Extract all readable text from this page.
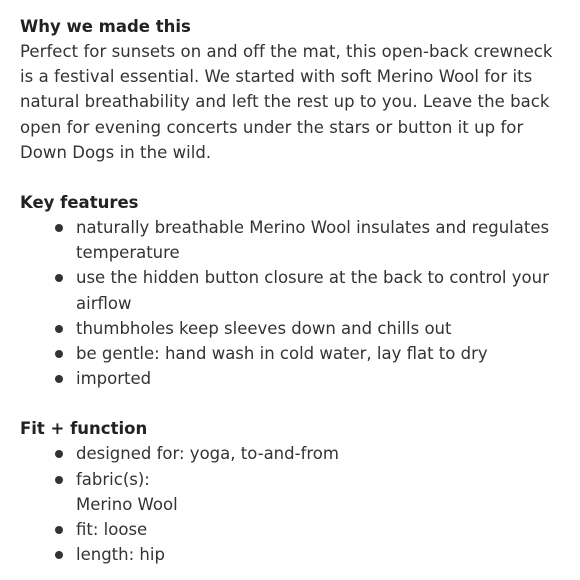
Why we made this

Perfect for sunsets on and off the mat, this open-back crewneck is a festival essential. We started with soft Merino Wool for its natural breathability and left the rest up to you. Leave the back open for evening concerts under the stars or button it up for Down Dogs in the wild.

Key features
naturally breathable Merino Wool insulates and regulates temperature
use the hidden button closure at the back to control your airflow
thumbholes keep sleeves down and chills out
be gentle: hand wash in cold water, lay flat to dry
imported
Fit + function
designed for: yoga, to-and-from
fabric(s):
Merino Wool
fit: loose
length: hip
